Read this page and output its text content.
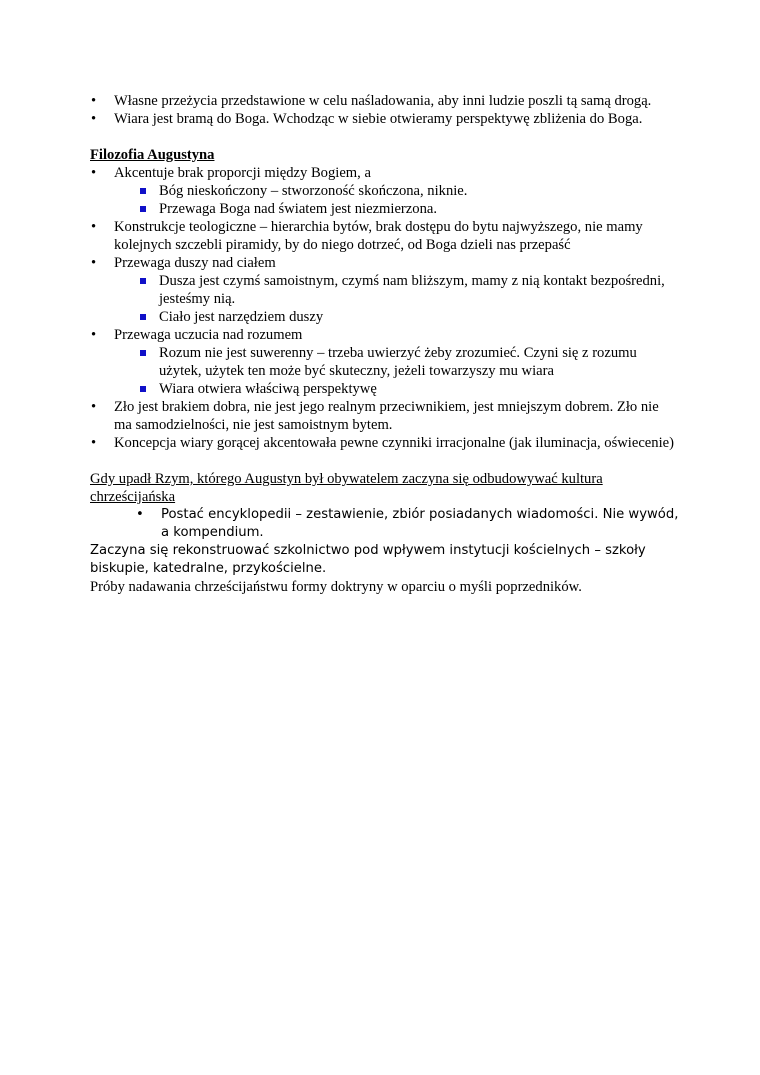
• Własne przeżycia przedstawione w celu naśladowania, aby inni ludzie poszli tą samą drogą.
• Wiara jest bramą do Boga. Wchodząc w siebie otwieramy perspektywę zbliżenia do Boga.
Filozofia Augustyna
• Akcentuje brak proporcji między Bogiem, a
Bóg nieskończony – stworzoność skończona, niknie.
Przewaga Boga nad światem jest niezmierzona.
• Konstrukcje teologiczne – hierarchia bytów, brak dostępu do bytu najwyższego, nie mamy kolejnych szczebli piramidy, by do niego dotrzeć, od Boga dzieli nas przepaść
• Przewaga duszy nad ciałem
Dusza jest czymś samoistnym, czymś nam bliższym, mamy z nią kontakt bezpośredni, jesteśmy nią.
Ciało jest narzędziem duszy
• Przewaga uczucia nad rozumem
Rozum nie jest suwerenny – trzeba uwierzyć żeby zrozumieć. Czyni się z rozumu użytek, użytek ten może być skuteczny, jeżeli towarzyszy mu wiara
Wiara otwiera właściwą perspektywę
• Zło jest brakiem dobra, nie jest jego realnym przeciwnikiem, jest mniejszym dobrem. Zło nie ma samodzielności, nie jest samoistnym bytem.
• Koncepcja wiary gorącej akcentowała pewne czynniki irracjonalne (jak iluminacja, oświecenie)
Gdy upadł Rzym, którego Augustyn był obywatelem zaczyna się odbudowywać kultura chrześcijańska
• Postać encyklopedii – zestawienie, zbiór posiadanych wiadomości. Nie wywód, a kompendium.

Zaczyna się rekonstruować szkolnictwo pod wpływem instytucji kościelnych – szkoły biskupie, katedralne, przykościelne.

Próby nadawania chrześcijaństwu formy doktryny w oparciu o myśli poprzedników.
